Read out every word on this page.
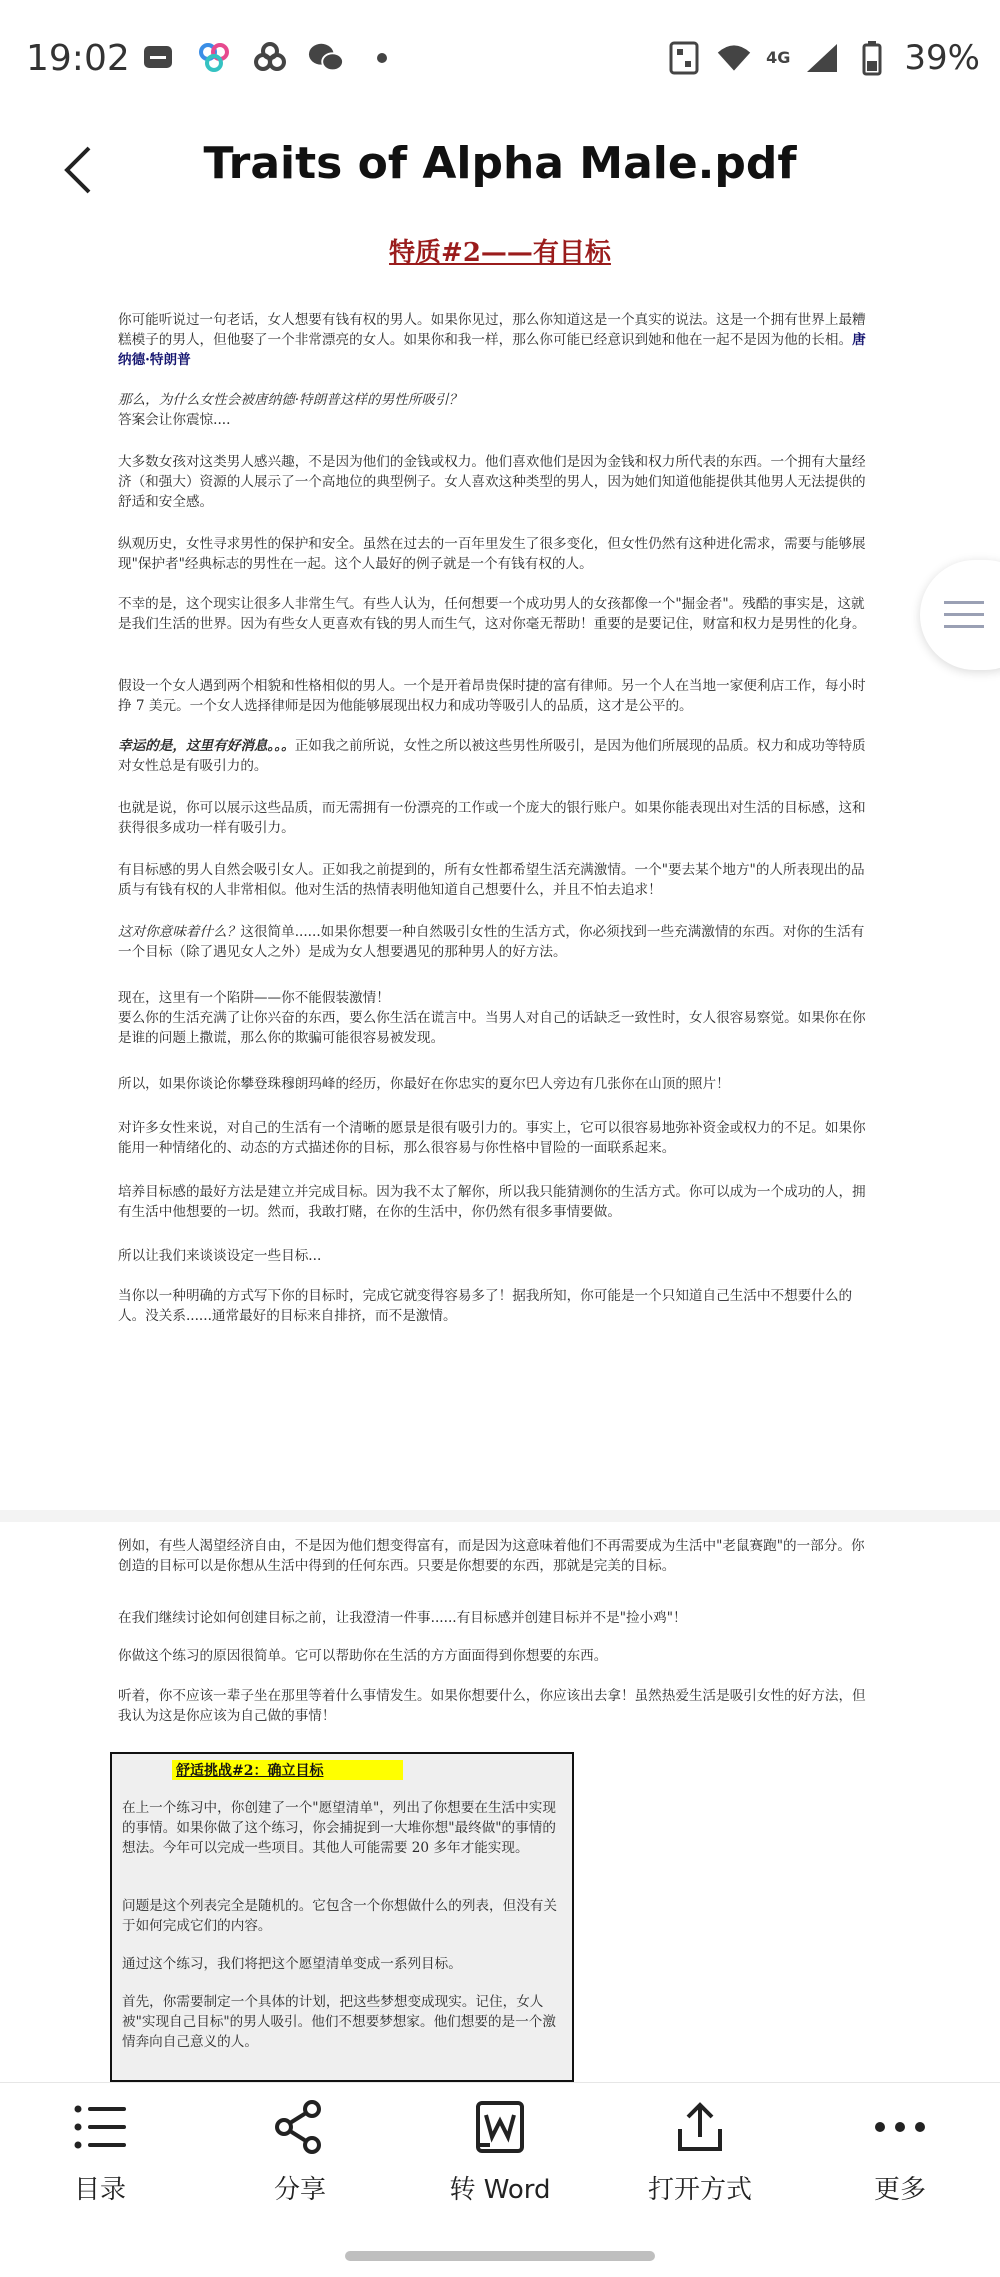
19:02	4G	39%
Traits of Alpha Male.pdf
特质#2——有目标
你可能听说过一句老话，女人想要有钱有权的男人。如果你见过，那么你知道这是一个真实的说法。这是一个拥有世界上最糟糕模子的男人，但他娶了一个非常漂亮的女人。如果你和我一样，那么你可能已经意识到她和他在一起不是因为他的长相。唐纳德·特朗普
那么，为什么女性会被唐纳德·特朗普这样的男性所吸引？
答案会让你震惊....
大多数女孩对这类男人感兴趣，不是因为他们的金钱或权力。他们喜欢他们是因为金钱和权力所代表的东西。一个拥有大量经济（和强大）资源的人展示了一个高地位的典型例子。女人喜欢这种类型的男人，因为她们知道他能提供其他男人无法提供的舒适和安全感。
纵观历史，女性寻求男性的保护和安全。虽然在过去的一百年里发生了很多变化，但女性仍然有这种进化需求，需要与能够展现"保护者"经典标志的男性在一起。这个人最好的例子就是一个有钱有权的人。
不幸的是，这个现实让很多人非常生气。有些人认为，任何想要一个成功男人的女孩都像一个"掘金者"。残酷的事实是，这就是我们生活的世界。因为有些女人更喜欢有钱的男人而生气，这对你毫无帮助！重要的是要记住，财富和权力是男性的化身。
假设一个女人遇到两个相貌和性格相似的男人。一个是开着昂贵保时捷的富有律师。另一个人在当地一家便利店工作，每小时挣 7 美元。一个女人选择律师是因为他能够展现出权力和成功等吸引人的品质，这才是公平的。
幸运的是，这里有好消息。。。正如我之前所说，女性之所以被这些男性所吸引，是因为他们所展现的品质。权力和成功等特质对女性总是有吸引力的。
也就是说，你可以展示这些品质，而无需拥有一份漂亮的工作或一个庞大的银行账户。如果你能表现出对生活的目标感，这和获得很多成功一样有吸引力。
有目标感的男人自然会吸引女人。正如我之前提到的，所有女性都希望生活充满激情。一个"要去某个地方"的人所表现出的品质与有钱有权的人非常相似。他对生活的热情表明他知道自己想要什么，并且不怕去追求！
这对你意味着什么？这很简单......如果你想要一种自然吸引女性的生活方式，你必须找到一些充满激情的东西。对你的生活有一个目标（除了遇见女人之外）是成为女人想要遇见的那种男人的好方法。
现在，这里有一个陷阱——你不能假装激情！
要么你的生活充满了让你兴奋的东西，要么你生活在谎言中。当男人对自己的话缺乏一致性时，女人很容易察觉。如果你在你是谁的问题上撒谎，那么你的欺骗可能很容易被发现。
所以，如果你谈论你攀登珠穆朗玛峰的经历，你最好在你忠实的夏尔巴人旁边有几张你在山顶的照片！
对许多女性来说，对自己的生活有一个清晰的愿景是很有吸引力的。事实上，它可以很容易地弥补资金或权力的不足。如果你能用一种情绪化的、动态的方式描述你的目标，那么很容易与你性格中冒险的一面联系起来。
培养目标感的最好方法是建立并完成目标。因为我不太了解你，所以我只能猜测你的生活方式。你可以成为一个成功的人，拥有生活中他想要的一切。然而，我敢打赌，在你的生活中，你仍然有很多事情要做。
所以让我们来谈谈设定一些目标...
当你以一种明确的方式写下你的目标时，完成它就变得容易多了！据我所知，你可能是一个只知道自己生活中不想要什么的人。没关系......通常最好的目标来自排挤，而不是激情。
例如，有些人渴望经济自由，不是因为他们想变得富有，而是因为这意味着他们不再需要成为生活中"老鼠赛跑"的一部分。你创造的目标可以是你想从生活中得到的任何东西。只要是你想要的东西，那就是完美的目标。
在我们继续讨论如何创建目标之前，让我澄清一件事......有目标感并创建目标并不是"捡小鸡"！
你做这个练习的原因很简单。它可以帮助你在生活的方方面面得到你想要的东西。
听着，你不应该一辈子坐在那里等着什么事情发生。如果你想要什么，你应该出去拿！虽然热爱生活是吸引女性的好方法，但我认为这是你应该为自己做的事情！
舒适挑战#2：确立目标
在上一个练习中，你创建了一个"愿望清单"，列出了你想要在生活中实现的事情。如果你做了这个练习，你会捕捉到一大堆你想"最终做"的事情的想法。今年可以完成一些项目。其他人可能需要 20 多年才能实现。
问题是这个列表完全是随机的。它包含一个你想做什么的列表，但没有关于如何完成它们的内容。
通过这个练习，我们将把这个愿望清单变成一系列目标。
首先，你需要制定一个具体的计划，把这些梦想变成现实。记住，女人被"实现自己目标"的男人吸引。他们不想要梦想家。他们想要的是一个激情奔向自己意义的人。
目录	分享	转 Word	打开方式	更多
